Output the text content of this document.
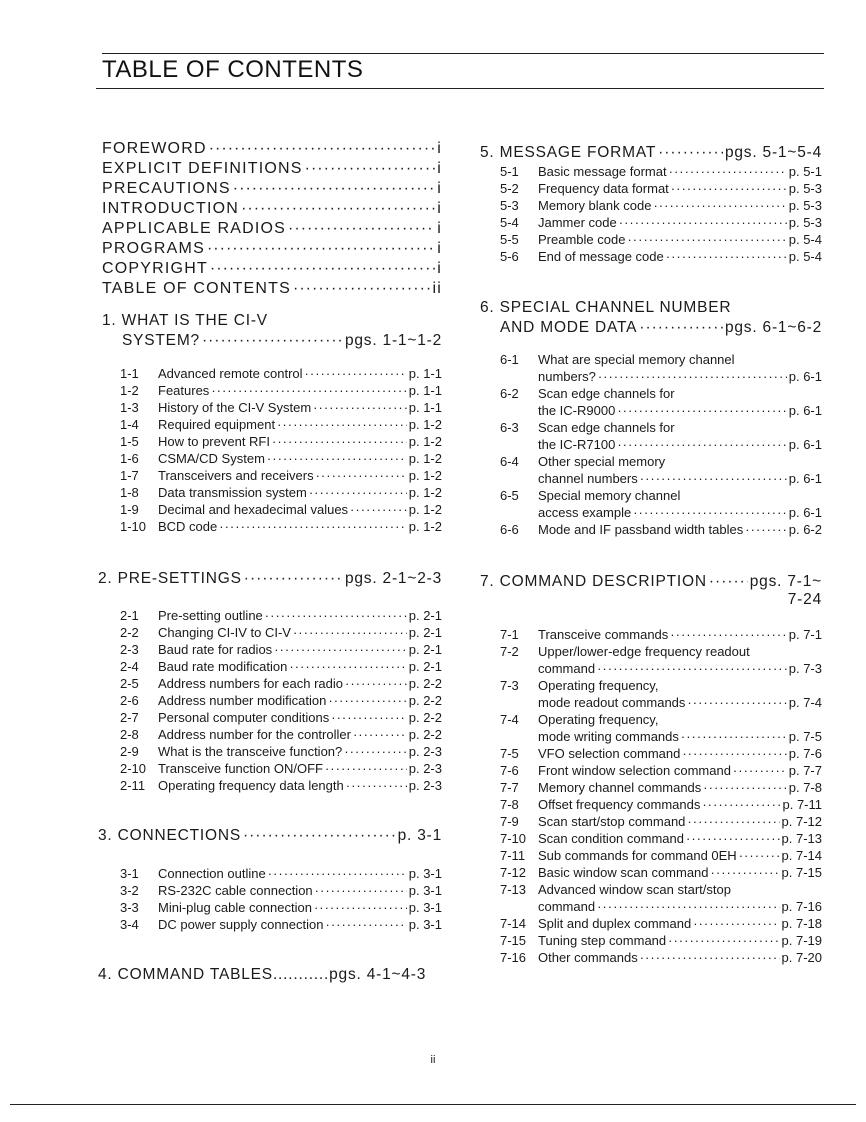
TABLE OF CONTENTS
FOREWORD ·····	i
EXPLICIT DEFINITIONS ·····	i
PRECAUTIONS ·····	i
INTRODUCTION ·····	i
APPLICABLE RADIOS ·····	i
PROGRAMS ·····	i
COPYRIGHT ·····	i
TABLE OF CONTENTS ·····	ii
1. WHAT IS THE CI-V
SYSTEM? ·····	pgs. 1-1~1-2
1-1	Advanced remote control ·····	p. 1-1
1-2	Features ·····	p. 1-1
1-3	History of the CI-V System ·····	p. 1-1
1-4	Required equipment ·····	p. 1-2
1-5	How to prevent RFI ·····	p. 1-2
1-6	CSMA/CD System ·····	p. 1-2
1-7	Transceivers and receivers ·····	p. 1-2
1-8	Data transmission system ·····	p. 1-2
1-9	Decimal and hexadecimal values ·····	p. 1-2
1-10 BCD code ·····	p. 1-2
2. PRE-SETTINGS ·····	pgs. 2-1~2-3
2-1	Pre-setting outline ·····	p. 2-1
2-2	Changing CI-IV to CI-V ·····	p. 2-1
2-3	Baud rate for radios ·····	p. 2-1
2-4	Baud rate modification ·····	p. 2-1
2-5	Address numbers for each radio ·····	p. 2-2
2-6	Address number modification ·····	p. 2-2
2-7	Personal computer conditions ·····	p. 2-2
2-8	Address number for the controller ·····	p. 2-2
2-9	What is the transceive function? ·····	p. 2-3
2-10 Transceive function ON/OFF ·····	p. 2-3
2-11 Operating frequency data length ·····	p. 2-3
3. CONNECTIONS ·····	p. 3-1
3-1	Connection outline ·····	p. 3-1
3-2	RS-232C cable connection ·····	p. 3-1
3-3	Mini-plug cable connection ·····	p. 3-1
3-4	DC power supply connection ·····	p. 3-1
4. COMMAND TABLES ........... pgs. 4-1~4-3
5. MESSAGE FORMAT ·····	pgs. 5-1~5-4
5-1	Basic message format ·····	p. 5-1
5-2	Frequency data format ·····	p. 5-3
5-3	Memory blank code ·····	p. 5-3
5-4	Jammer code ·····	p. 5-3
5-5	Preamble code ·····	p. 5-4
5-6	End of message code ·····	p. 5-4
6. SPECIAL CHANNEL NUMBER
AND MODE DATA ·····	pgs. 6-1~6-2
6-1	What are special memory channel
numbers? ·····	p. 6-1
6-2	Scan edge channels for
the IC-R9000 ·····	p. 6-1
6-3	Scan edge channels for
the IC-R7100 ·····	p. 6-1
6-4	Other special memory
channel numbers ·····	p. 6-1
6-5	Special memory channel
access example ·····	p. 6-1
6-6	Mode and IF passband width tables ·····	p. 6-2
7. COMMAND DESCRIPTION ·····	pgs. 7-1~
7-24
7-1	Transceive commands ·····	p. 7-1
7-2	Upper/lower-edge frequency readout
command ·····	p. 7-3
7-3	Operating frequency,
mode readout commands ·····	p. 7-4
7-4	Operating frequency,
mode writing commands ·····	p. 7-5
7-5	VFO selection command ·····	p. 7-6
7-6	Front window selection command ·····	p. 7-7
7-7	Memory channel commands ·····	p. 7-8
7-8	Offset frequency commands ·····	p. 7-11
7-9	Scan start/stop command ·····	p. 7-12
7-10 Scan condition command ·····	p. 7-13
7-11 Sub commands for command 0EH ·····	p. 7-14
7-12 Basic window scan command ·····	p. 7-15
7-13 Advanced window scan start/stop
command ·····	p. 7-16
7-14 Split and duplex command ·····	p. 7-18
7-15 Tuning step command ·····	p. 7-19
7-16 Other commands ·····	p. 7-20
ii
